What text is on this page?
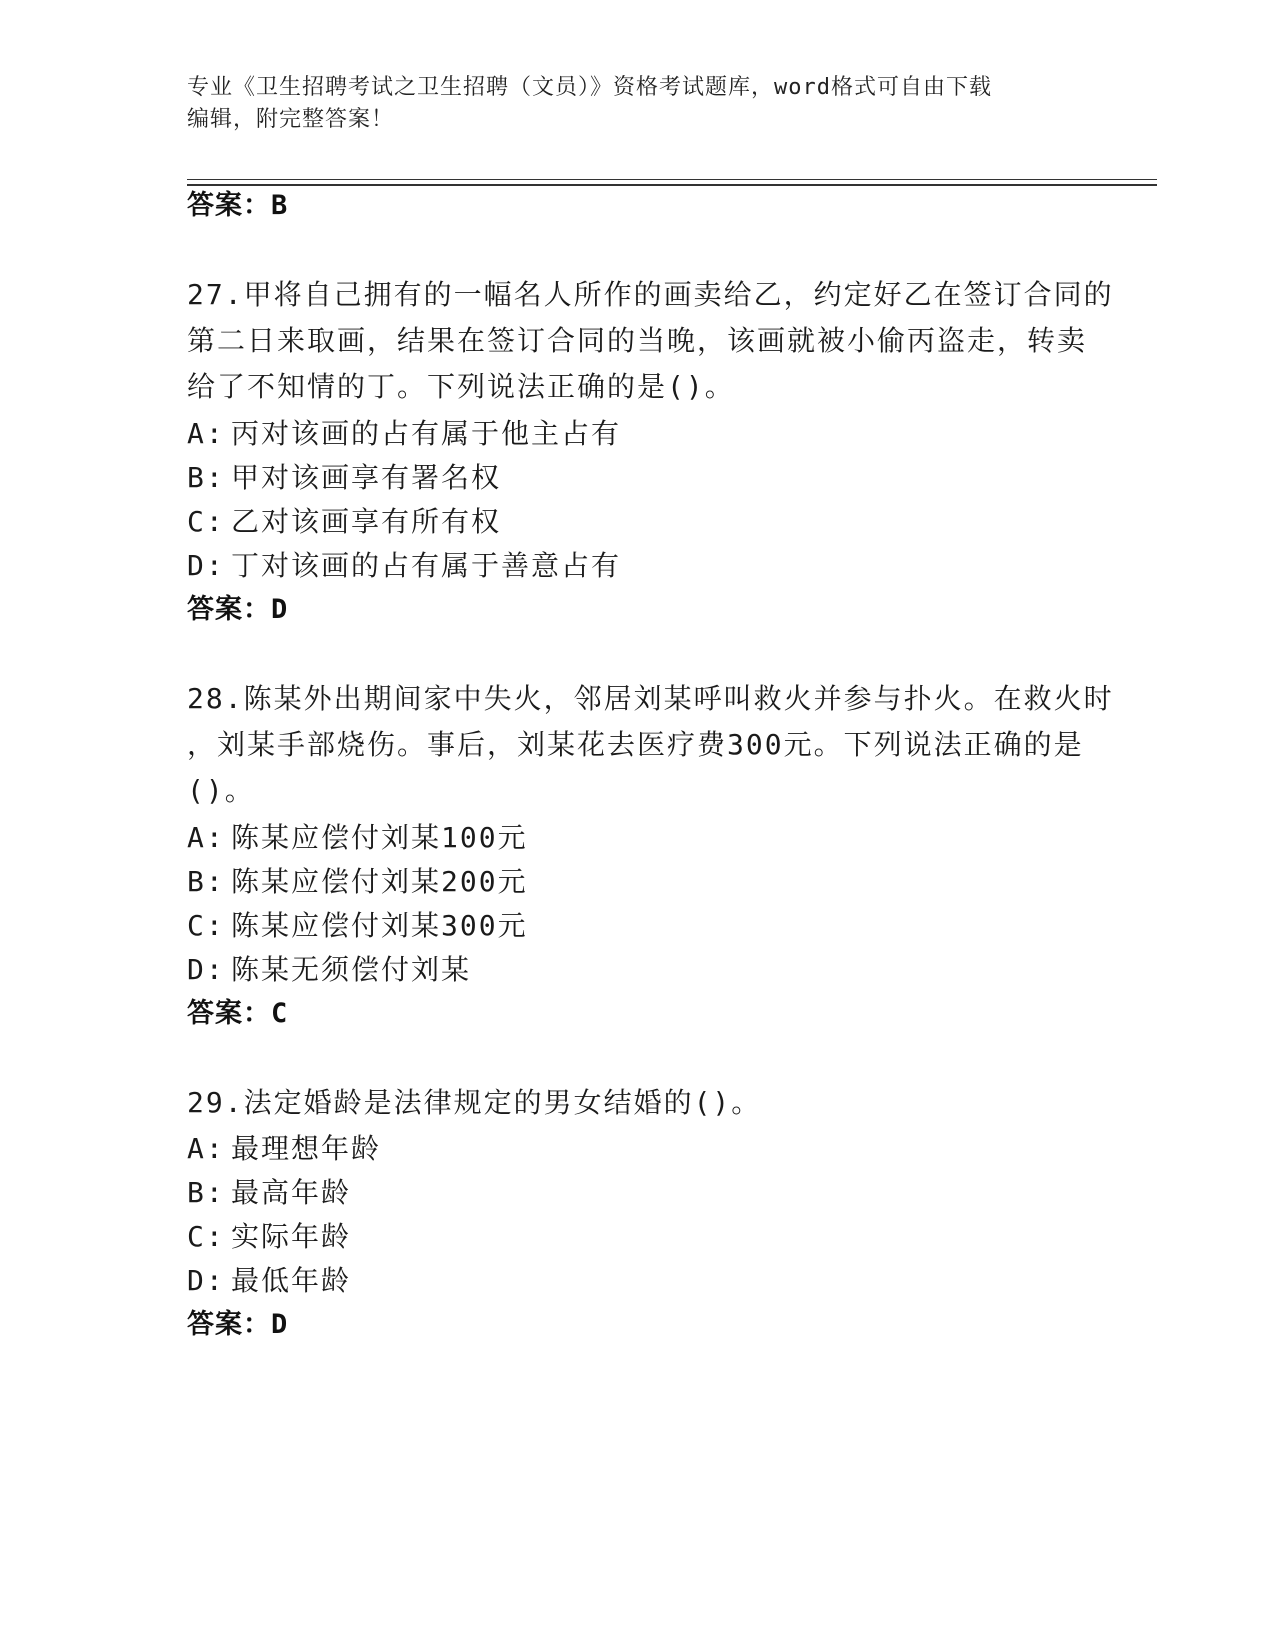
专业《卫生招聘考试之卫生招聘（文员）》资格考试题库，word格式可自由下载
编辑，附完整答案！
答案：B
27.甲将自己拥有的一幅名人所作的画卖给乙，约定好乙在签订合同的
第二日来取画，结果在签订合同的当晚，该画就被小偷丙盗走，转卖
给了不知情的丁。下列说法正确的是()。
A: 丙对该画的占有属于他主占有
B: 甲对该画享有署名权
C: 乙对该画享有所有权
D: 丁对该画的占有属于善意占有
答案：D
28.陈某外出期间家中失火，邻居刘某呼叫救火并参与扑火。在救火时
，刘某手部烧伤。事后，刘某花去医疗费300元。下列说法正确的是
()。
A: 陈某应偿付刘某100元
B: 陈某应偿付刘某200元
C: 陈某应偿付刘某300元
D: 陈某无须偿付刘某
答案：C
29.法定婚龄是法律规定的男女结婚的()。
A: 最理想年龄
B: 最高年龄
C: 实际年龄
D: 最低年龄
答案：D
